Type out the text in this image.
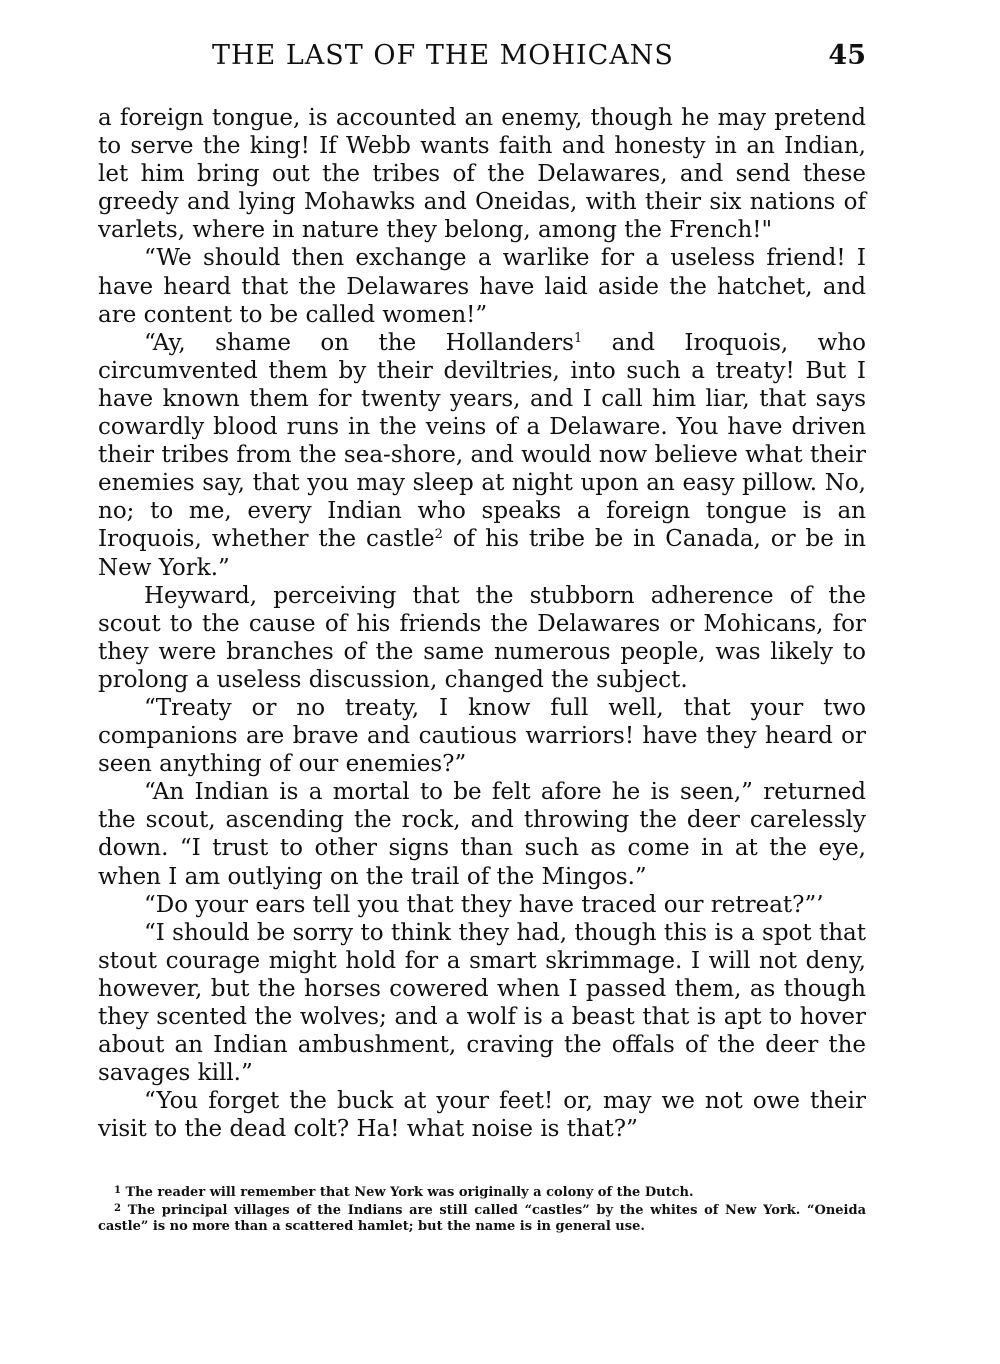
THE LAST OF THE MOHICANS	45

a foreign tongue, is accounted an enemy, though he may pretend to serve the king! If Webb wants faith and honesty in an Indian, let him bring out the tribes of the Delawares, and send these greedy and lying Mohawks and Oneidas, with their six nations of varlets, where in nature they belong, among the French!"

“We should then exchange a warlike for a useless friend! I have heard that the Delawares have laid aside the hatchet, and are content to be called women!”

“Ay, shame on the Hollanders$^1$ and Iroquois, who circumvented them by their deviltries, into such a treaty! But I have known them for twenty years, and I call him liar, that says cowardly blood runs in the veins of a Delaware. You have driven their tribes from the sea-shore, and would now believe what their enemies say, that you may sleep at night upon an easy pillow. No, no; to me, every Indian who speaks a foreign tongue is an Iroquois, whether the castle$^2$ of his tribe be in Canada, or be in New York.”

Heyward, perceiving that the stubborn adherence of the scout to the cause of his friends the Delawares or Mohicans, for they were branches of the same numerous people, was likely to prolong a useless discussion, changed the subject.

“Treaty or no treaty, I know full well, that your two companions are brave and cautious warriors! have they heard or seen anything of our enemies?”

“An Indian is a mortal to be felt afore he is seen,” returned the scout, ascending the rock, and throwing the deer carelessly down. “I trust to other signs than such as come in at the eye, when I am outlying on the trail of the Mingos.”

“Do your ears tell you that they have traced our retreat?”’

“I should be sorry to think they had, though this is a spot that stout courage might hold for a smart skrimmage. I will not deny, however, but the horses cowered when I passed them, as though they scented the wolves; and a wolf is a beast that is apt to hover about an Indian ambushment, craving the offals of the deer the savages kill.”

“You forget the buck at your feet! or, may we not owe their visit to the dead colt? Ha! what noise is that?”

$^1$ The reader will remember that New York was originally a colony of the Dutch.

$^2$ The principal villages of the Indians are still called “castles” by the whites of New York. “Oneida castle” is no more than a scattered hamlet; but the name is in general use.
